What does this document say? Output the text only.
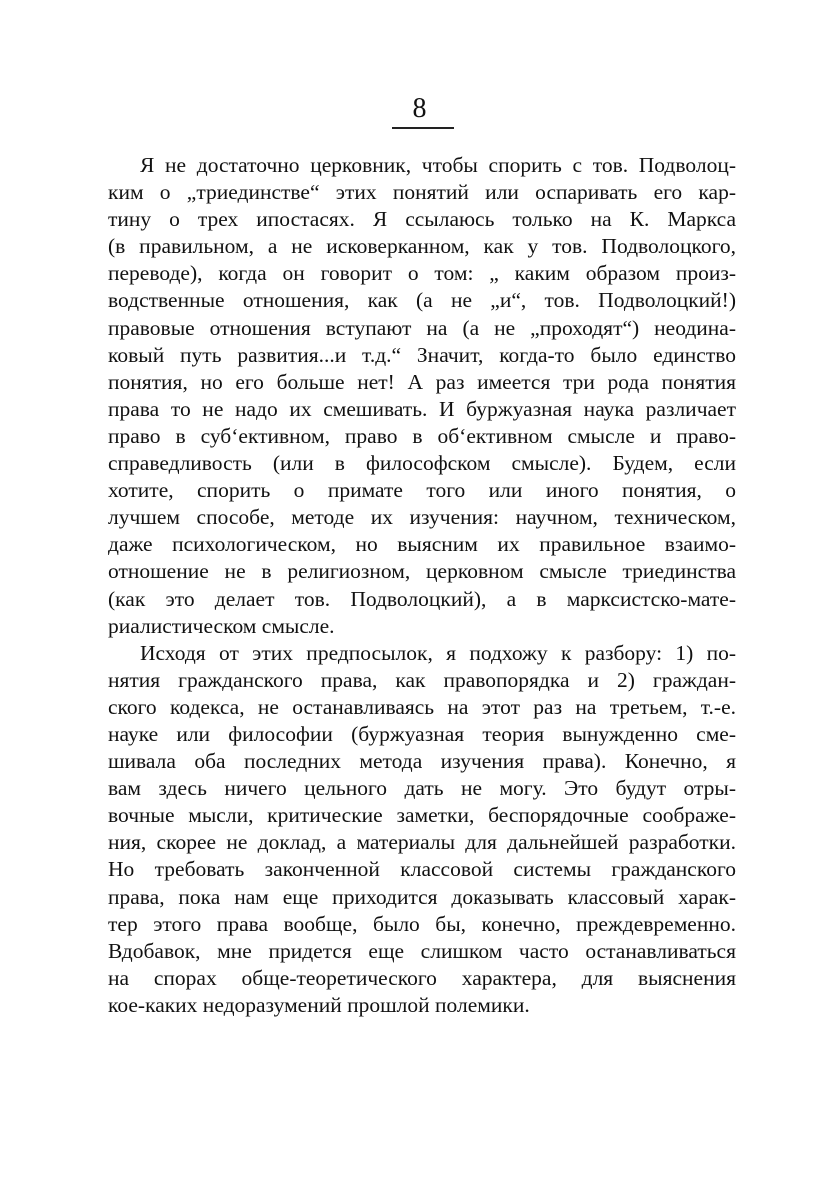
8
Я не достаточно церковник, чтобы спорить с тов. Подволоц-
ким о „триединстве“ этих понятий или оспаривать его кар-
тину о трех ипостасях. Я ссылаюсь только на К. Маркса
(в правильном, а не исковерканном, как у тов. Подволоцкого,
переводе), когда он говорит о том: „ каким образом произ-
водственные отношения, как (а не „и“, тов. Подволоцкий!)
правовые отношения вступают на (а не „проходят“) неодина-
ковый путь развития...и т.д.“ Значит, когда-то было единство
понятия, но его больше нет! А раз имеется три рода понятия
права то не надо их смешивать. И буржуазная наука различает
право в суб‘ективном, право в об‘ективном смысле и право-
справедливость (или в философском смысле). Будем, если
хотите, спорить о примате того или иного понятия, о
лучшем способе, методе их изучения: научном, техническом,
даже психологическом, но выясним их правильное взаимо-
отношение не в религиозном, церковном смысле триединства
(как это делает тов. Подволоцкий), а в марксистско-мате-
риалистическом смысле.
Исходя от этих предпосылок, я подхожу к разбору: 1) по-
нятия гражданского права, как правопорядка и 2) граждан-
ского кодекса, не останавливаясь на этот раз на третьем, т.-е.
науке или философии (буржуазная теория вынужденно сме-
шивала оба последних метода изучения права). Конечно, я
вам здесь ничего цельного дать не могу. Это будут отры-
вочные мысли, критические заметки, беспорядочные соображе-
ния, скорее не доклад, а материалы для дальнейшей разработки.
Но требовать законченной классовой системы гражданского
права, пока нам еще приходится доказывать классовый харак-
тер этого права вообще, было бы, конечно, преждевременно.
Вдобавок, мне придется еще слишком часто останавливаться
на спорах обще-теоретического характера, для выяснения
кое-каких недоразумений прошлой полемики.
